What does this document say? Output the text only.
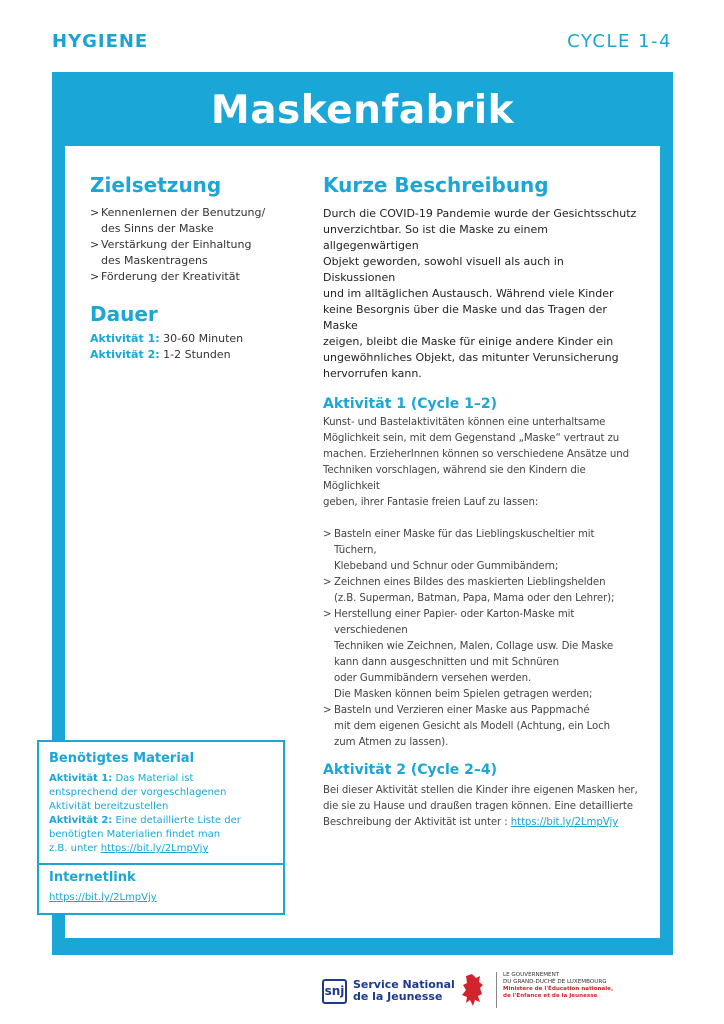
HYGIENE	CYCLE 1-4
Maskenfabrik
Zielsetzung
> Kennenlernen der Benutzung/
des Sinns der Maske
> Verstärkung der Einhaltung
des Maskentragens
> Förderung der Kreativität
Dauer
Aktivität 1: 30-60 Minuten
Aktivität 2: 1-2 Stunden
Kurze Beschreibung
Durch die COVID-19 Pandemie wurde der Gesichtsschutz
unverzichtbar. So ist die Maske zu einem allgegenwärtigen
Objekt geworden, sowohl visuell als auch in Diskussionen
und im alltäglichen Austausch. Während viele Kinder
keine Besorgnis über die Maske und das Tragen der Maske
zeigen, bleibt die Maske für einige andere Kinder ein
ungewöhnliches Objekt, das mitunter Verunsicherung
hervorrufen kann.
Aktivität 1 (Cycle 1–2)
Kunst- und Bastelaktivitäten können eine unterhaltsame
Möglichkeit sein, mit dem Gegenstand „Maske“ vertraut zu
machen. ErzieherInnen können so verschiedene Ansätze und
Techniken vorschlagen, während sie den Kindern die Möglichkeit
geben, ihrer Fantasie freien Lauf zu lassen:
> Basteln einer Maske für das Lieblingskuscheltier mit Tüchern,
Klebeband und Schnur oder Gummibändern;
> Zeichnen eines Bildes des maskierten Lieblingshelden
(z.B. Superman, Batman, Papa, Mama oder den Lehrer);
> Herstellung einer Papier- oder Karton-Maske mit verschiedenen
Techniken wie Zeichnen, Malen, Collage usw. Die Maske
kann dann ausgeschnitten und mit Schnüren
oder Gummibändern versehen werden.
Die Masken können beim Spielen getragen werden;
> Basteln und Verzieren einer Maske aus Pappmaché
mit dem eigenen Gesicht als Modell (Achtung, ein Loch
zum Atmen zu lassen).
Aktivität 2 (Cycle 2–4)
Bei dieser Aktivität stellen die Kinder ihre eigenen Masken her,
die sie zu Hause und draußen tragen können. Eine detaillierte
Beschreibung der Aktivität ist unter : https://bit.ly/2LmpVjy
Benötigtes Material
Aktivität 1: Das Material ist
entsprechend der vorgeschlagenen
Aktivität bereitzustellen
Aktivität 2: Eine detaillierte Liste der
benötigten Materialien findet man
z.B. unter https://bit.ly/2LmpVjy
Internetlink
https://bit.ly/2LmpVjy
snj Service National
de la Jeunesse
LE GOUVERNEMENT
DU GRAND-DUCHÉ DE LUXEMBOURG
Ministère de l'Éducation nationale,
de l'Enfance et de la Jeunesse
